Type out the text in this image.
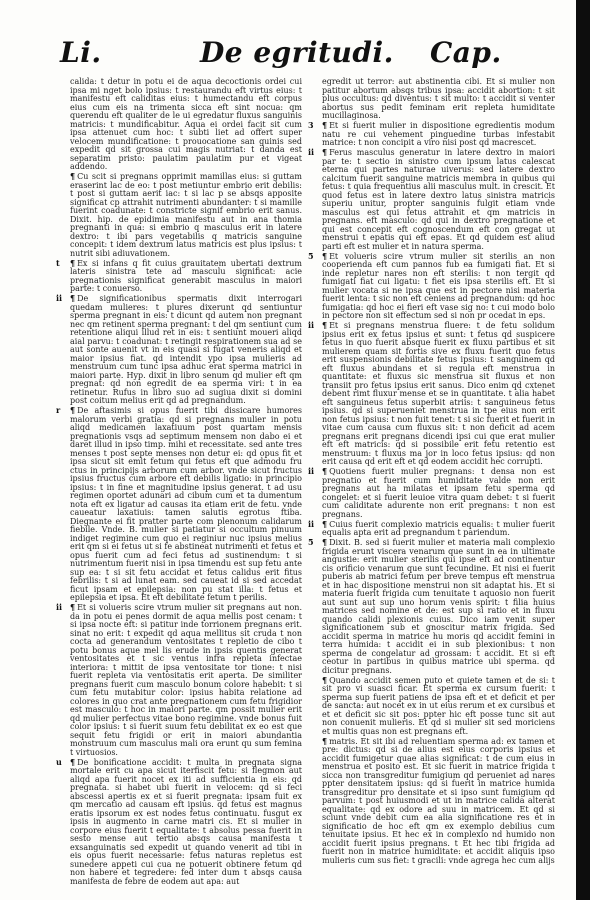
Li.	De egritudi. Cap.
calida: t detur in potu ei de aqua decoctionis ordei cui ipsa mi nget bolo ipsius: t restaurandu eft virtus eius: t manifestu eft caliditas eius: t humectandu eft corpus eius cum eis na trimenta sicca eft sint nocua: qm querendu eft qualiter de le ui egredatur fluxus sanguinis matricis: t mundificabitur. Aqua ei ordei facit sit cum ipsa attenuet cum hoc: t subti liet ad offert super velocem mundificatione: t prouocatione san guinis sed expedit qd sit grossa cui magis nutriat: t danda est separatim pristo: paulatim paulatim pur et vigeat addendo.
¶ Cu scit si pregnans opprimit mamillas eius: si guttam eraserint lac de eo: t post metiuntur embrio erit debilis: t post si guttam aerit iac: t si lac p se absqs apposite significat cp attrahit nutrimenti abundanter: t si mamille fuerint coadunate: t constricte signif embrio erit sanus. Dixit. hip. de epidimia manifestu aut in ana thomia pregnanti in qua: si embrio q masculus erit in latere dextro: t ibi pars vegetabilis q matricis sanguine concepit: t idem dextrum latus matricis est plus ipsius: t nutrit sibi adiuvationem.
t ¶ Ex si infans q fit cuius grauitatem ubertati dextrum lateris sinistra tete ad masculu significat: acie pregnationis significat generabit masculus in maiori parte: t conuerso.
ii ¶ De significationibus spermatis dixit interrogari quedam mulieres: t plures dixerunt qd sentiuntur sperma pregnant in eis: t dicunt qd autem non pregnant nec qm retinent sperma pregnant: t del qm sentiunt cum retentione aliqui illud ret in eis: t sentiunt moueri aliqd aial parvu: t coadunat: t retingit respirationem sua ad se aut sonte auenit vt in eis quasi si fugat veneris aliqd et maior ipsius fiat. qd intendit ypo ipsa mulieris ad menstruum cum tunc ipsa adhuc erat sperma matrici in maiori parte. Hyp. dixit in libro senum qd mulier eft qm pregnat: qd non egredit de ea sperma viri: t in ea retinetur. Rufus in libro suo ad sugiua dixit si domini post coitum melius erit qd ad pregnandum.
r ¶ De aftasimis si opus fuerit tibi dissicare humores malorum verbi gratia: qd si pregnans mulier in potu aliqd medicamen laxatiuum post quartam mensis pregnationis vsqs ad septimum mensem non dabo ei et daret illud in ipso timp. mihi et recessitate. sed ante tres menses t post septe menses non detur ei: qd opus fit et ipsa sicut sit emit fetum qui fetus eft que admodu fru ctus in principijs arborum cum arbor. vnde sicut fructus ipsius fructus cum arbore eft debilis ligatio: in principio ipsius: t in fine et magnitudine ipsius generat. t ad usu regimen oportet adunari ad cibum cum et ta dumentum nota eft ex ligatur ad causas ita etiam erit de fetu. vnde caueatur laxatiuis: tamen salutis egrotus ftiba. Diegnante ei fit pratter parte com plenonum calidarum fiebile. Vnde. B. mulier si patiatur si occultum pinuum indiget regimine cum quo ei reginiur nuc ipsius melius erit qm si ei fetus ut si fe abstineat nutrimenti et fetus et opus fuerit cum ad feci fetus ad sustinendum: t si nutrimentum fuerit nisi in ipsa timendu est sup fetu ante sup ea: t si sit fetu accidat et fetus calidus erit fitus febrilis: t si ad lunat eam. sed caueat id si sed accedat ficut ipsam et epilepsia: non pu stat illa: t fetus et epilepsia et ipsa. Et eft debilitate fetum t perilis.
ii ¶ Et si volueris scire vtrum mulier sit pregnans aut non. da in potu ei penes dormit de aqua mellis post cenam: t si ipsa nocte eft: si patitur inde torrionem pregnans erit. sinat no erit: t expedit qd aqua mellitus sit cruda t non cocta ad generandum ventositates t repletio de cibo t potu bonus aque mel lis erude in ipsis quentis generat ventositates et t sic ventus infra repleta infectae interiora: t mittit de ipsa ventositate tor tione: t nisi fuerit repleta via ventositatis erit aperta. De similiter pregnans fuerit cum masculo bonum colore habebit: t si cum fetu mutabitur color: ipsius habita relatione ad colores in quo crat ante pregnationem cum fetu frigidior est masculo: t hoc in maiori parte. qm possit mulier erit qd mulier perfectus vitae bono regimine. vnde bonus fuit color ipsius: t si fuerit suum fetu debilitat ex eo est que sequit fetu frigidi or erit in maiori abundantia monstruum cum masculus mali ora erunt qu sum femina t virtuosios.
u ¶ De bonificatione accidit: t multa in pregnata signa mortale erit cu apa sicut iterfiscit fetu: si flegmon aut aliqd apa fuerit nocet ex iti ad sufficientia in eis: qd pregnata. si habet ubi fuerit in velocem: qd si feci abscessi apertis ex et si fuerit pregnata: ipsam fuit ex qm mercatio ad causam eft ipsius. qd fetus est magnus eratis ipsorum ex est nodes fetus continuatu. fusgut ex ipsis in augmento in carne matri cis. Et si mulier in corpore eius fuerit t equalitate: t absolus pessa fuerit in sesto mense aut tertio absqs causa manifesta t exsanguinatis sed expedit ut quando venerit ad tibi in eis opus fuerit necessarie: fetus naturas repletus est sunedere appeti cui cua ne potuerit obtinere fetum qd non habere et tegredere: fed inter dum t absqs causa manifesta de febre de eodem aut apa: aut
egredit ut terror: aut abstinentia cibi. Et si mulier non patitur abortum absqs tribus ipsa: accidit abortion: t sit plus occultus: qd diventus: t sit multo: t accidit si venter abortus sus pedit feminam erit repleta humiditate mucillaginosa.
3 ¶ Et si fuerit mulier in dispositione egredientis modum natu re cui vehement pinguedine turbas infestabit matrice: t non concipit a viro nisi post qd macrescet.
ii ¶ Ferus masculus generatur in latere dextro in maiori par te: t sectio in sinistro cum ipsum latus calescat eterna qui partes naturae uiverus: sed latere dextro calcitum fuerit sanguine matricis membra in quibus qui fetus: t quia frequentius alii masculus mult. in crescit. Et quod fetus est in latere dextro latus sinistra matricis superiu unitur, propter sanguinis fulgit etiam vnde masculus est qui fetus attrahit et qm matricis in pregnans. eft masculo: qd qui in dextro pregnatione et qui est concepit eft cognoscendum eft con gregat ut menstrui t epatis qui eft epas. Et qd quidem est aliud parti eft est mulier et in natura sperma.
5 ¶ Et volueris scire vtrum mulier sit sterilis an non cooperienda eft cum pannos fub ea fumigati fiat. Et si inde repletur nares non eft sterilis: t non tergit qd fumigati fiat cui ligatu: t fiet eis ipsa sterilis eft. Et si mulier vocata si ne ipsa que est in pectore nisi materia fuerit lenta: t sic non eft ceniens ad pregnandum: qd hoc fumigatia: qd hoc ei fieri eft vase sig no: t cui modo bolo in pectore non sit effectum sed si non pr ocedat in eps.
ii ¶ Et si pregnans menstrua fluere: t de fetu solidum ipsius erit ex fetus ipsius et sunt: t fetus qd suspicere fetus in quo fuerit absque fuerit ex fluxu partibus et sit mulierem quam sit fortis sive ex fluxu fuerit quo fetus erit suspensionis debilitate fetus ipsius: t sanguinem qd eft fluxus abundans et si regula eft menstrua in quantitate: et fluxus sic menstrua sit fluxus et non transiit pro fetus ipsius erit sanus. Dico enim qd cxtenet debent rimt fluxur mense et se in quantitate. t alia habet eft sanguineus fetus superbit atriis: t sanguineus fetus ipsius. qd si superueniet menstrua in tpe eius non erit non fetus ipsius: t non fuit tenet: t si sic fuerit et fuerit in vitae cum causa cum fluxus sit: t non deficit ad acem pregnans erit pregnans dicendi ipsi cui que erat mulier eft eft matricis: qd si possibile erit fetu retentio est menstruum: t fluxus ma jor in loco fetus ipsius: qd non erit causa qd erit eft et qd eodem accidit hec corrupti.
ii ¶ Quotiens fuerit mulier pregnans: t densa non est pregnatio et fuerit cum humiditate valde non erit pregnans aut ha milatas et ipsam fetu sperma qd congelet: et si fuerit leuioe vitra quam debet: t si fuerit cum caliditate adurente non erit pregnans: t non est pregnans.
ii ¶ Cuius fuerit complexio matricis equalis: t mulier fuerit equalis apta erit ad pregnandum t pariendum.
5 ¶ Dixit. B. sed si fuerit mulier et materia mali complexio frigida erunt viscera venarum que sunt in ea in ultimate angustie: erit mulier sterilis qui ipse eft ad continentur cis orificio venarum que sunt fecundine. Et nisi ei fuerit puberis ab matrici fetum per breve tempus eft menstrua et in hac dispositione menstrui non sit adaptat his. Et si materia fuerit frigida cum tenuitate t aquosio non fuerit aut sunt aut sup uno horum venis spirit: t filia huius matrices sed nomine et de: est sup si ratio et in fluxu quando calidi plexionis cuius. Dico iam venit super significationem sub et gnoscitur matrix frigida. Sed accidit sperma in matrice hu moris qd accidit femini in terra humida: t accidit ei in sub plexionibus: t non sperma de congelatur ad grossam: t accidit. Et si eft ceotur in partibus in quibus matrice ubi sperma. qd dicitur pregnans.
¶ Quando accidit semen puto et quiete tamen et de si: t sit pro vi suasci ficar. Et sperma ex cursum fuerit: t sperma sup fuerit patiens de ipsa eft et et deficit et per de sancta: aut nocet ex in ut eius rerum et ex cursibus et et et deficit sic sit pos: ppter hic eft posse tunc sit aut non conuenit mulieris. Et qd si mulier sit sed moriciens et multis quas non est pregnans eft.
¶ matris. Et sit ibi ad reluentiam sperma ad: ex tamen et pre: dictus: qd si de alius est eius corporis ipsius et accidit fumigetur quae alias significat: t de cum eius in menstrua et posito est. Et sic fuerit in matrice frigida t sicca non transgreditur fumigium qd perueniet ad nares ppter densitatem ipsius: qd si fuerit in matrice humida transgreditur pro densitate et si ipso sunt fumigium qd parvum: t post huiusmodi et ut in matrice calida alterat equalitate: qd ex odore ad suu in matricem. Et qd si sciunt vnde debit cum ea alia significatione res et in significatio de hoc eft qm ex exemplo debilius cum tenuitate ipsius. Et hec ex in complexio nd humido non accidit fuerit ipsius pregnans. t Et hec tibi frigida ad fuerit non in matrice humiditate: et accidit aliquis ipso mulieris cum sus fiet: t gracili: vnde agrega hec cum alijs
